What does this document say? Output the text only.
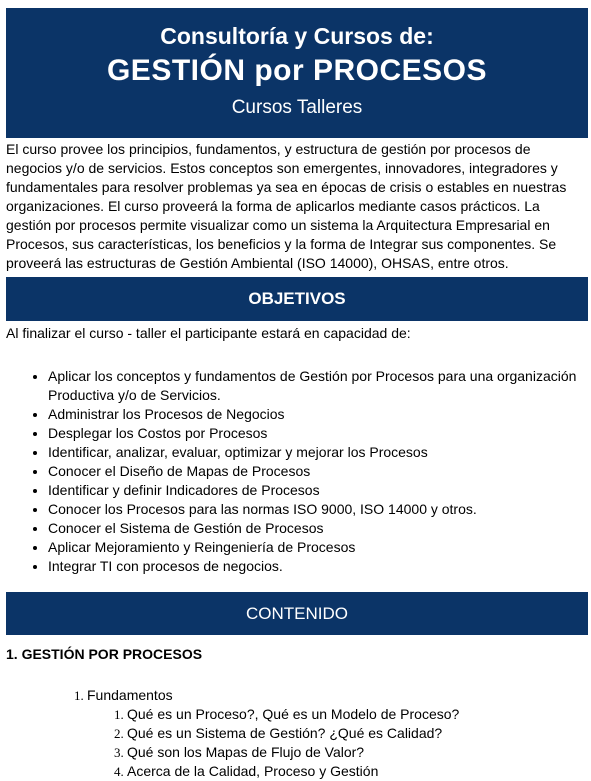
Consultoría y Cursos de:
GESTIÓN por PROCESOS
Cursos Talleres

El curso provee los principios, fundamentos, y estructura de gestión por procesos de negocios y/o de servicios. Estos conceptos son emergentes, innovadores, integradores y fundamentales para resolver problemas ya sea en épocas de crisis o estables en nuestras organizaciones. El curso proveerá la forma de aplicarlos mediante casos prácticos. La gestión por procesos permite visualizar como un sistema la Arquitectura Empresarial en Procesos, sus características, los beneficios y la forma de Integrar sus componentes. Se proveerá las estructuras de Gestión Ambiental (ISO 14000), OHSAS, entre otros.

OBJETIVOS

Al finalizar el curso - taller el participante estará en capacidad de:

• Aplicar los conceptos y fundamentos de Gestión por Procesos para una organización Productiva y/o de Servicios.
• Administrar los Procesos de Negocios
• Desplegar los Costos por Procesos
• Identificar, analizar, evaluar, optimizar y mejorar los Procesos
• Conocer el Diseño de Mapas de Procesos
• Identificar y definir Indicadores de Procesos
• Conocer los Procesos para las normas ISO 9000, ISO 14000 y otros.
• Conocer el Sistema de Gestión de Procesos
• Aplicar Mejoramiento y Reingeniería de Procesos
• Integrar TI con procesos de negocios.
CONTENIDO
1. GESTIÓN POR PROCESOS
1. Fundamentos
1. Qué es un Proceso?, Qué es un Modelo de Proceso?
2. Qué es un Sistema de Gestión? ¿Qué es Calidad?
3. Qué son los Mapas de Flujo de Valor?
4. Acerca de la Calidad, Proceso y Gestión
